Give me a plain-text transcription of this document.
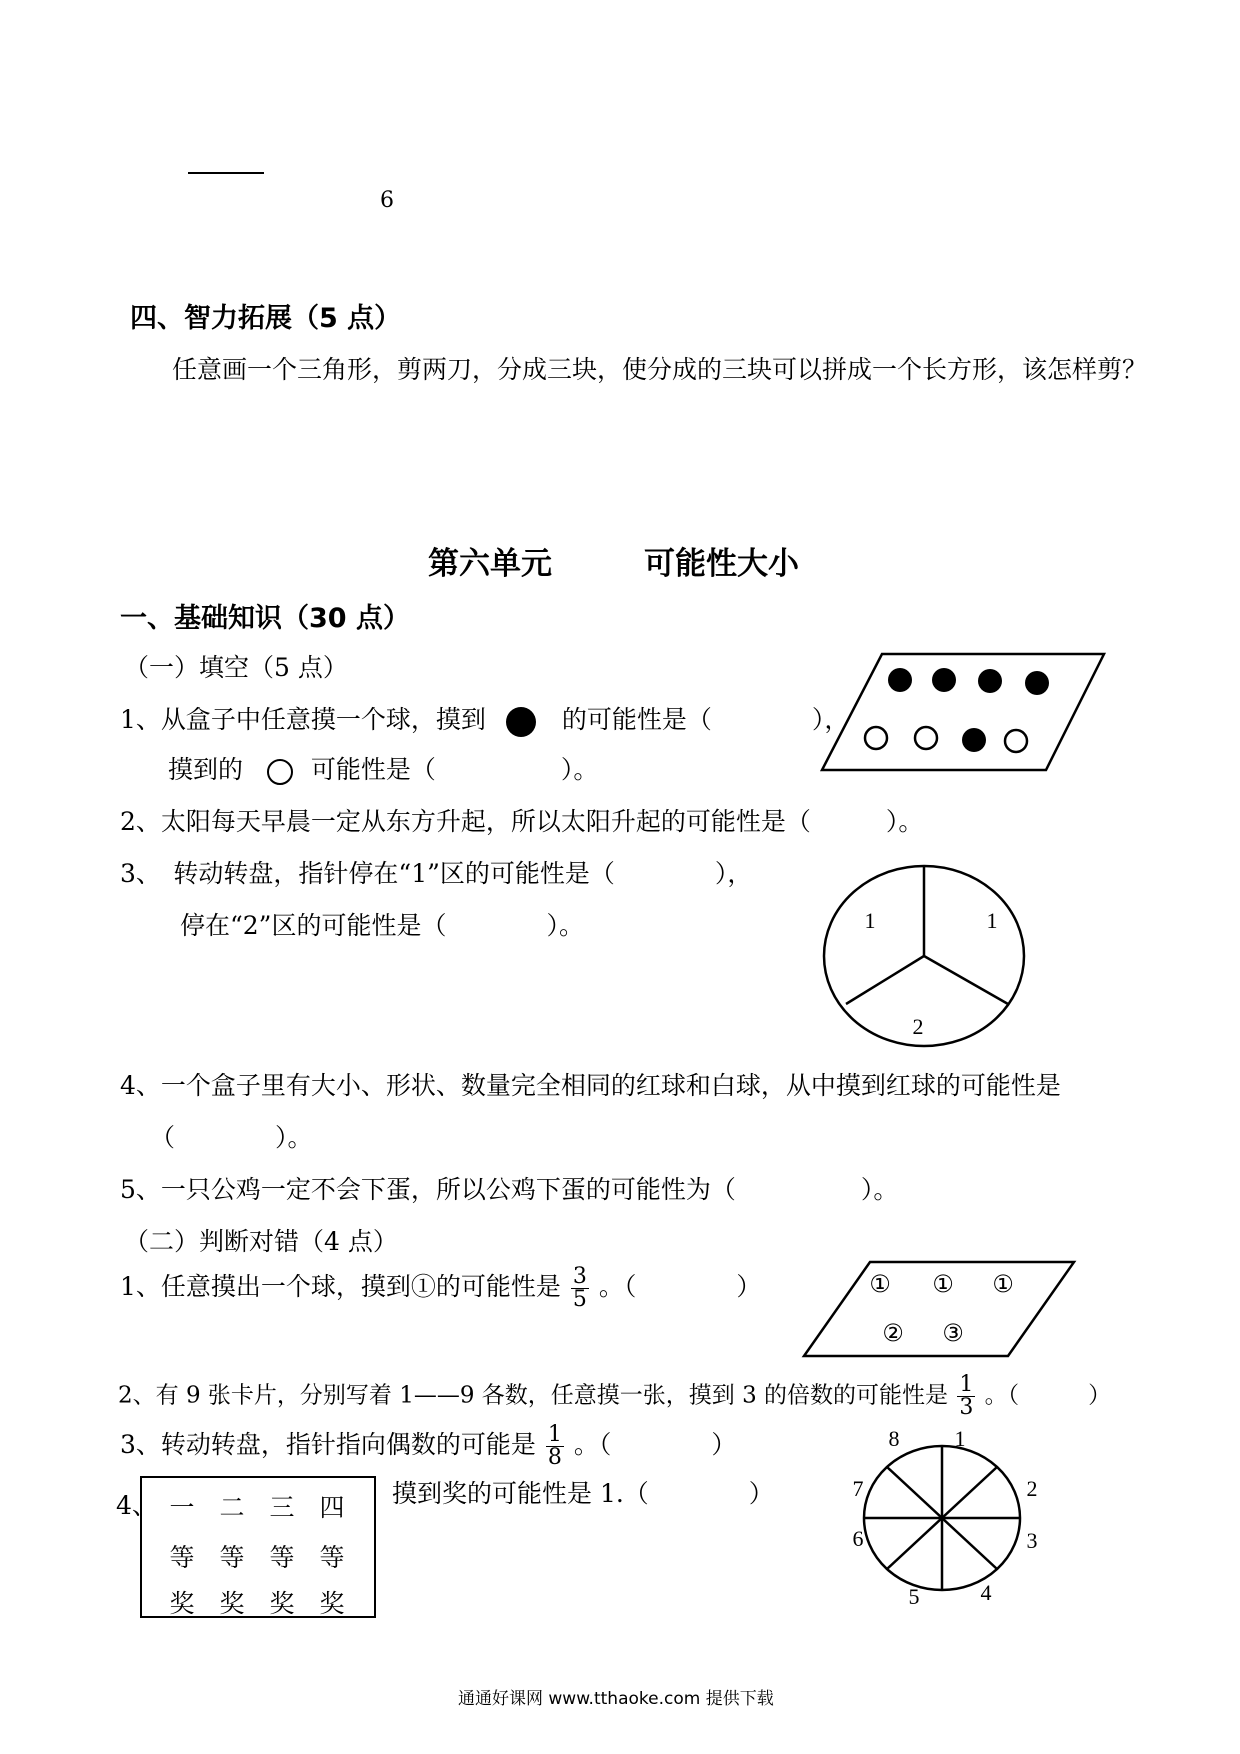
6
四、智力拓展（5 点）
任意画一个三角形，剪两刀，分成三块，使分成的三块可以拼成一个长方形，该怎样剪？
第六单元	可能性大小
一、基础知识（30 点）
（一）填空（5 点）
1、从盒子中任意摸一个球，摸到	的可能性是（　　　　），
摸到的	可能性是（　　　　　）。
2、太阳每天早晨一定从东方升起，所以太阳升起的可能性是（　　　）。
3、　转动转盘，指针停在“1”区的可能性是（　　　　），
停在“2”区的可能性是（　　　　）。	1	1
2
4、一个盒子里有大小、形状、数量完全相同的红球和白球，从中摸到红球的可能性是
（　　　　）。
5、一只公鸡一定不会下蛋，所以公鸡下蛋的可能性为（　　　　　）。
（二）判断对错（4 点）
1、任意摸出一个球，摸到①的可能性是 $\frac{3}{5}$ 。（　　　　）	① ① ①
② ③
2、有 9 张卡片，分别写着 1——9 各数，任意摸一张，摸到 3 的倍数的可能性是 $\frac{1}{3}$ 。（　　　）
3、转动转盘，指针指向偶数的可能是 $\frac{1}{8}$ 。（　　　　）
4、 一 二 三 四
等 等 等 等
奖 奖 奖 奖
摸到奖的可能性是 1.（　　　　）
1
2
3
4
5
6
7
8
通通好课网 www.tthaoke.com 提供下载
